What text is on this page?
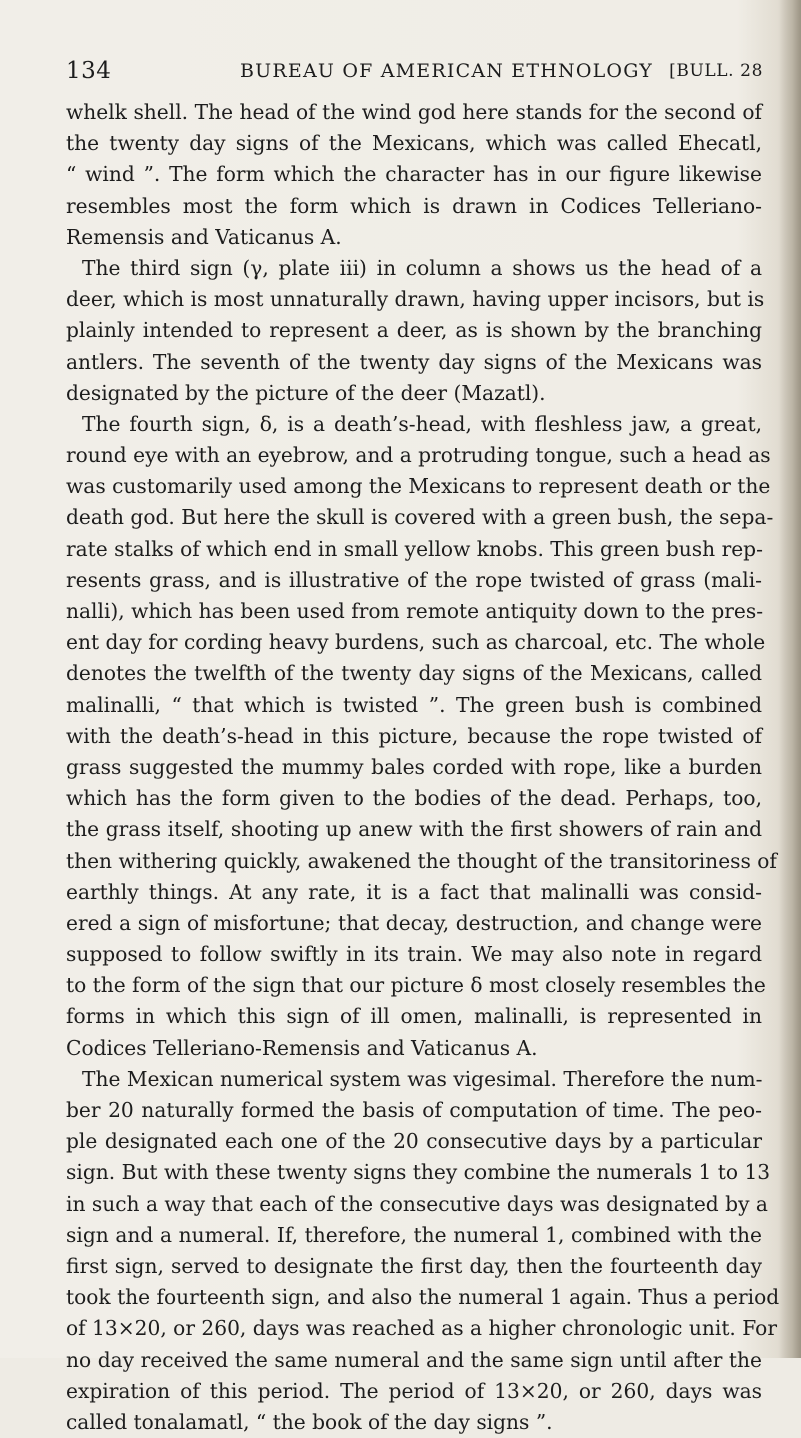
134	BUREAU OF AMERICAN ETHNOLOGY [BULL. 28
whelk shell. The head of the wind god here stands for the second of
the twenty day signs of the Mexicans, which was called Ehecatl,
“ wind ”. The form which the character has in our figure likewise
resembles most the form which is drawn in Codices Telleriano-
Remensis and Vaticanus A.
The third sign (γ, plate iii) in column a shows us the head of a
deer, which is most unnaturally drawn, having upper incisors, but is
plainly intended to represent a deer, as is shown by the branching
antlers. The seventh of the twenty day signs of the Mexicans was
designated by the picture of the deer (Mazatl).
The fourth sign, δ, is a death’s-head, with fleshless jaw, a great,
round eye with an eyebrow, and a protruding tongue, such a head as
was customarily used among the Mexicans to represent death or the
death god. But here the skull is covered with a green bush, the sepa-
rate stalks of which end in small yellow knobs. This green bush rep-
resents grass, and is illustrative of the rope twisted of grass (mali-
nalli), which has been used from remote antiquity down to the pres-
ent day for cording heavy burdens, such as charcoal, etc. The whole
denotes the twelfth of the twenty day signs of the Mexicans, called
malinalli, “ that which is twisted ”. The green bush is combined
with the death’s-head in this picture, because the rope twisted of
grass suggested the mummy bales corded with rope, like a burden
which has the form given to the bodies of the dead. Perhaps, too,
the grass itself, shooting up anew with the first showers of rain and
then withering quickly, awakened the thought of the transitoriness of
earthly things. At any rate, it is a fact that malinalli was consid-
ered a sign of misfortune; that decay, destruction, and change were
supposed to follow swiftly in its train. We may also note in regard
to the form of the sign that our picture δ most closely resembles the
forms in which this sign of ill omen, malinalli, is represented in
Codices Telleriano-Remensis and Vaticanus A.
The Mexican numerical system was vigesimal. Therefore the num-
ber 20 naturally formed the basis of computation of time. The peo-
ple designated each one of the 20 consecutive days by a particular
sign. But with these twenty signs they combine the numerals 1 to 13
in such a way that each of the consecutive days was designated by a
sign and a numeral. If, therefore, the numeral 1, combined with the
first sign, served to designate the first day, then the fourteenth day
took the fourteenth sign, and also the numeral 1 again. Thus a period
of 13×20, or 260, days was reached as a higher chronologic unit. For
no day received the same numeral and the same sign until after the
expiration of this period. The period of 13×20, or 260, days was
called tonalamatl, “ the book of the day signs ”.
